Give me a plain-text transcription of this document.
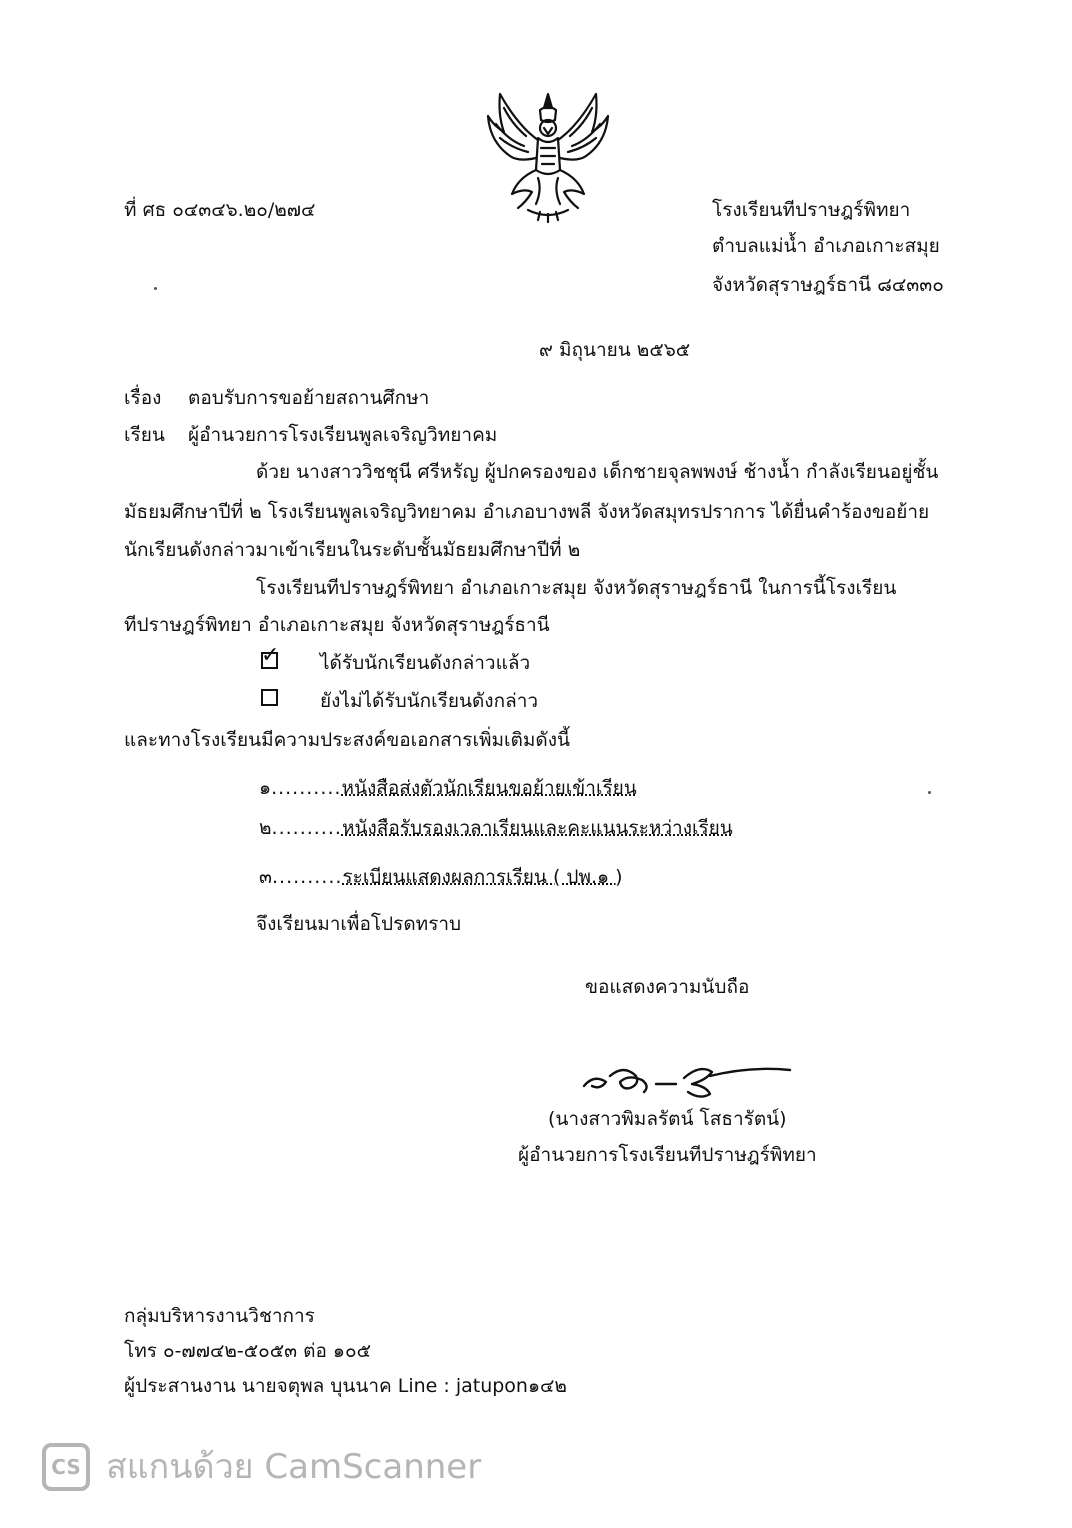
ที่ ศธ ๐๔๓๔๖.๒๐/๒๗๔	โรงเรียนทีปราษฎร์พิทยา
ตำบลแม่น้ำ อำเภอเกาะสมุย
จังหวัดสุราษฎร์ธานี ๘๔๓๓๐
๙ มิถุนายน ๒๕๖๕
เรื่อง ตอบรับการขอย้ายสถานศึกษา
เรียน ผู้อำนวยการโรงเรียนพูลเจริญวิทยาคม
ด้วย นางสาววิชชุนี ศรีหรัญ ผู้ปกครองของ เด็กชายจุลพพงษ์ ช้างน้ำ กำลังเรียนอยู่ชั้น
มัธยมศึกษาปีที่ ๒ โรงเรียนพูลเจริญวิทยาคม อำเภอบางพลี จังหวัดสมุทรปราการ ได้ยื่นคำร้องขอย้าย
นักเรียนดังกล่าวมาเข้าเรียนในระดับชั้นมัธยมศึกษาปีที่ ๒
โรงเรียนทีปราษฎร์พิทยา อำเภอเกาะสมุย จังหวัดสุราษฎร์ธานี ในการนี้โรงเรียน
ทีปราษฎร์พิทยา อำเภอเกาะสมุย จังหวัดสุราษฎร์ธานี
✓ ได้รับนักเรียนดังกล่าวแล้ว
ยังไม่ได้รับนักเรียนดังกล่าว
และทางโรงเรียนมีความประสงค์ขอเอกสารเพิ่มเติมดังนี้
๑..........หนังสือส่งตัวนักเรียนขอย้ายเข้าเรียน
๒..........หนังสือรับรองเวลาเรียนและคะแนนระหว่างเรียน
๓..........ระเบียนแสดงผลการเรียน ( ปพ.๑ )
จึงเรียนมาเพื่อโปรดทราบ
ขอแสดงความนับถือ
(นางสาวพิมลรัตน์ โสธารัตน์)
ผู้อำนวยการโรงเรียนทีปราษฎร์พิทยา
กลุ่มบริหารงานวิชาการ
โทร ๐-๗๗๔๒-๕๐๕๓ ต่อ ๑๐๕
ผู้ประสานงาน นายจตุพล บุนนาค Line : jatupon๑๔๒
CS สแกนด้วย CamScanner
